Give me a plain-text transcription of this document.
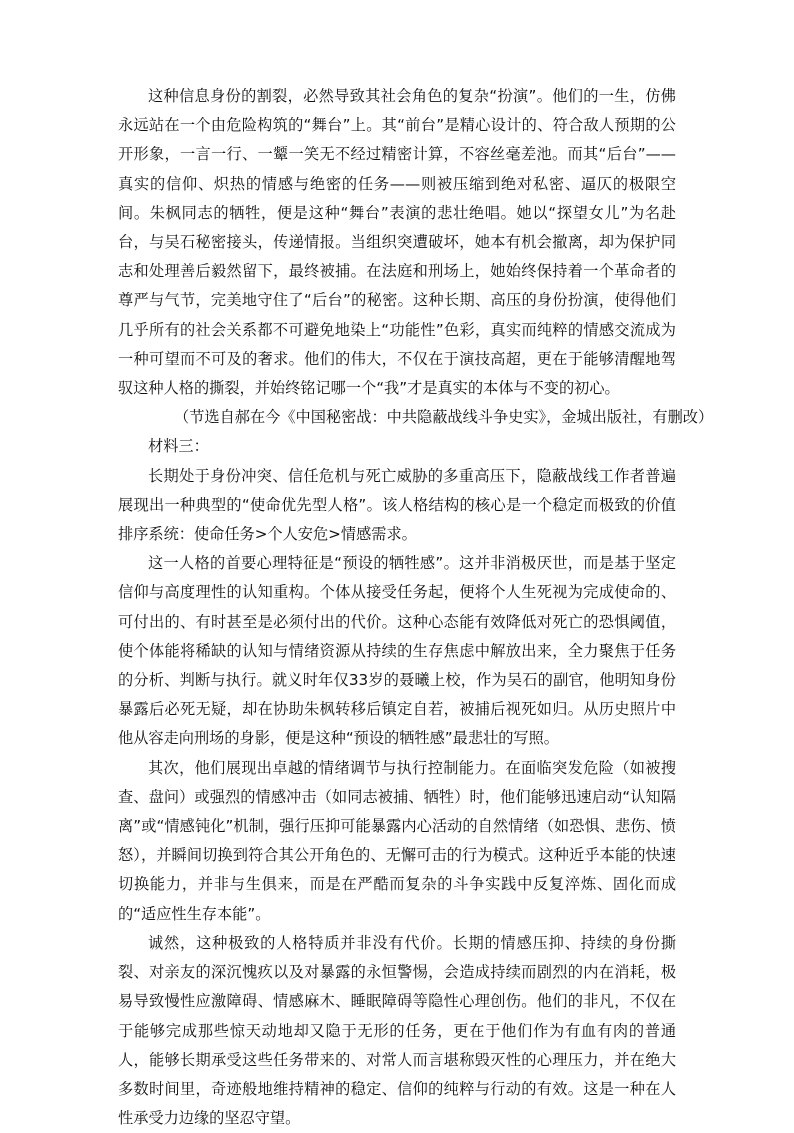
这种信息身份的割裂，必然导致其社会角色的复杂“扮演”。他们的一生，仿佛永远站在一个由危险构筑的“舞台”上。其“前台”是精心设计的、符合敌人预期的公开形象，一言一行、一颦一笑无不经过精密计算，不容丝毫差池。而其“后台”——真实的信仰、炽热的情感与绝密的任务——则被压缩到绝对私密、逼仄的极限空间。朱枫同志的牺牲，便是这种“舞台”表演的悲壮绝唱。她以“探望女儿”为名赴台，与吴石秘密接头，传递情报。当组织突遭破坏，她本有机会撤离，却为保护同志和处理善后毅然留下，最终被捕。在法庭和刑场上，她始终保持着一个革命者的尊严与气节，完美地守住了“后台”的秘密。这种长期、高压的身份扮演，使得他们几乎所有的社会关系都不可避免地染上“功能性”色彩，真实而纯粹的情感交流成为一种可望而不可及的奢求。他们的伟大，不仅在于演技高超，更在于能够清醒地驾驭这种人格的撕裂，并始终铭记哪一个“我”才是真实的本体与不变的初心。

（节选自郝在今《中国秘密战：中共隐蔽战线斗争史实》，金城出版社，有删改）

材料三：

长期处于身份冲突、信任危机与死亡威胁的多重高压下，隐蔽战线工作者普遍展现出一种典型的“使命优先型人格”。该人格结构的核心是一个稳定而极致的价值排序系统：使命任务>个人安危>情感需求。

这一人格的首要心理特征是“预设的牺牲感”。这并非消极厌世，而是基于坚定信仰与高度理性的认知重构。个体从接受任务起，便将个人生死视为完成使命的、可付出的、有时甚至是必须付出的代价。这种心态能有效降低对死亡的恐惧阈值，使个体能将稀缺的认知与情绪资源从持续的生存焦虑中解放出来，全力聚焦于任务的分析、判断与执行。就义时年仅33岁的聂曦上校，作为吴石的副官，他明知身份暴露后必死无疑，却在协助朱枫转移后镇定自若，被捕后视死如归。从历史照片中他从容走向刑场的身影，便是这种“预设的牺牲感”最悲壮的写照。

其次，他们展现出卓越的情绪调节与执行控制能力。在面临突发危险（如被搜查、盘问）或强烈的情感冲击（如同志被捕、牺牲）时，他们能够迅速启动“认知隔离”或“情感钝化”机制，强行压抑可能暴露内心活动的自然情绪（如恐惧、悲伤、愤怒），并瞬间切换到符合其公开角色的、无懈可击的行为模式。这种近乎本能的快速切换能力，并非与生俱来，而是在严酷而复杂的斗争实践中反复淬炼、固化而成的“适应性生存本能”。

诚然，这种极致的人格特质并非没有代价。长期的情感压抑、持续的身份撕裂、对亲友的深沉愧疚以及对暴露的永恒警惕，会造成持续而剧烈的内在消耗，极易导致慢性应激障碍、情感麻木、睡眠障碍等隐性心理创伤。他们的非凡，不仅在于能够完成那些惊天动地却又隐于无形的任务，更在于他们作为有血有肉的普通人，能够长期承受这些任务带来的、对常人而言堪称毁灭性的心理压力，并在绝大多数时间里，奇迹般地维持精神的稳定、信仰的纯粹与行动的有效。这是一种在人性承受力边缘的坚忍守望。
